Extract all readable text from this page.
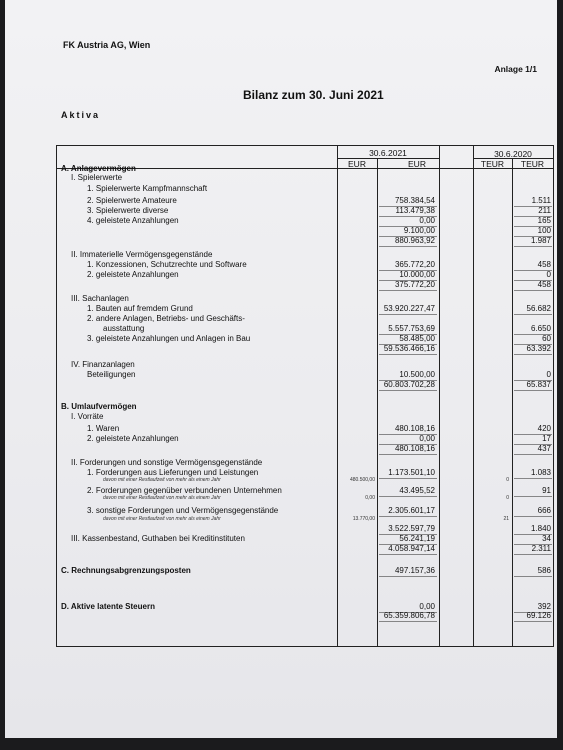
FK Austria AG, Wien
Anlage 1/1
Bilanz zum 30. Juni 2021
Aktiva
30.6.2021	30.6.2020
EUR	EUR	TEUR	TEUR
A. Anlagevermögen
I. Spielerwerte
1. Spielerwerte Kampfmannschaft
2. Spielerwerte Amateure	758.384,54	1.511
3. Spielerwerte diverse	113.479,38	211
4. geleistete Anzahlungen	0,00	165
9.100,00	100
880.963,92	1.987
II. Immaterielle Vermögensgegenstände
1. Konzessionen, Schutzrechte und Software	365.772,20	458
2. geleistete Anzahlungen	10.000,00	0
375.772,20	458
III. Sachanlagen
1. Bauten auf fremdem Grund	53.920.227,47	56.682
2. andere Anlagen, Betriebs- und Geschäfts-
ausstattung	5.557.753,69	6.650
3. geleistete Anzahlungen und Anlagen in Bau	58.485,00	60
59.536.466,16	63.392
IV. Finanzanlagen
Beteiligungen	10.500,00	0
60.803.702,28	65.837
B. Umlaufvermögen
I. Vorräte
1. Waren	480.108,16	420
2. geleistete Anzahlungen	0,00	17
480.108,16	437
II. Forderungen und sonstige Vermögensgegenstände
1. Forderungen aus Lieferungen und Leistungen	1.173.501,10	1.083
davon mit einer Restlaufzeit von mehr als einem Jahr	480.500,00	0
2. Forderungen gegenüber verbundenen Unternehmen	43.495,52	91
davon mit einer Restlaufzeit von mehr als einem Jahr	0,00	0
3. sonstige Forderungen und Vermögensgegenstände	2.305.601,17	666
davon mit einer Restlaufzeit von mehr als einem Jahr	13.770,00	21
3.522.597,79	1.840
III. Kassenbestand, Guthaben bei Kreditinstituten	56.241,19	34
4.058.947,14	2.311
C. Rechnungsabgrenzungsposten	497.157,36	586
D. Aktive latente Steuern	0,00	392
65.359.806,78	69.126
